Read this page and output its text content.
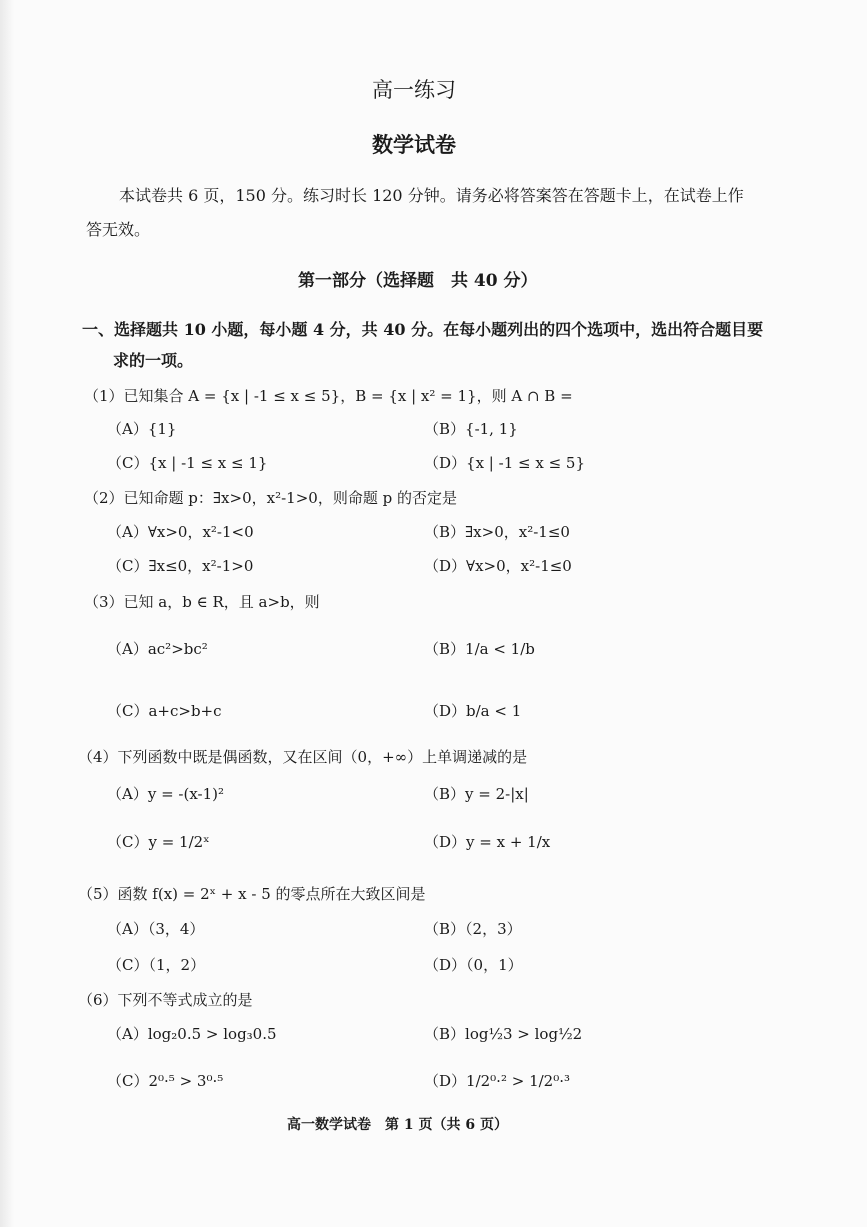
高一练习
数学试卷
本试卷共 6 页，150 分。练习时长 120 分钟。请务必将答案答在答题卡上，在试卷上作
答无效。
第一部分（选择题　共 40 分）
一、选择题共 10 小题，每小题 4 分，共 40 分。在每小题列出的四个选项中，选出符合题目要
求的一项。
（1）已知集合 A = {x | -1 ≤ x ≤ 5}，B = {x | x² = 1}，则 A ∩ B =
（A）{1}	（B）{-1, 1}
（C）{x | -1 ≤ x ≤ 1}	（D）{x | -1 ≤ x ≤ 5}
（2）已知命题 p：∃x>0，x²-1>0，则命题 p 的否定是
（A）∀x>0，x²-1<0	（B）∃x>0，x²-1≤0
（C）∃x≤0，x²-1>0	（D）∀x>0，x²-1≤0
（3）已知 a，b ∈ R，且 a>b，则
（A）ac²>bc²	（B）1/a < 1/b
（C）a+c>b+c	（D）b/a < 1
（4）下列函数中既是偶函数，又在区间（0，+∞）上单调递减的是
（A）y = -(x-1)²	（B）y = 2-|x|
（C）y = 1/2ˣ	（D）y = x + 1/x
（5）函数 f(x) = 2ˣ + x - 5 的零点所在大致区间是
（A）（3，4）	（B）（2，3）
（C）（1，2）	（D）（0，1）
（6）下列不等式成立的是
（A）log₂0.5 > log₃0.5	（B）log½3 > log½2
（C）2⁰·⁵ > 3⁰·⁵	（D）1/2⁰·² > 1/2⁰·³
高一数学试卷　第 1 页（共 6 页）
